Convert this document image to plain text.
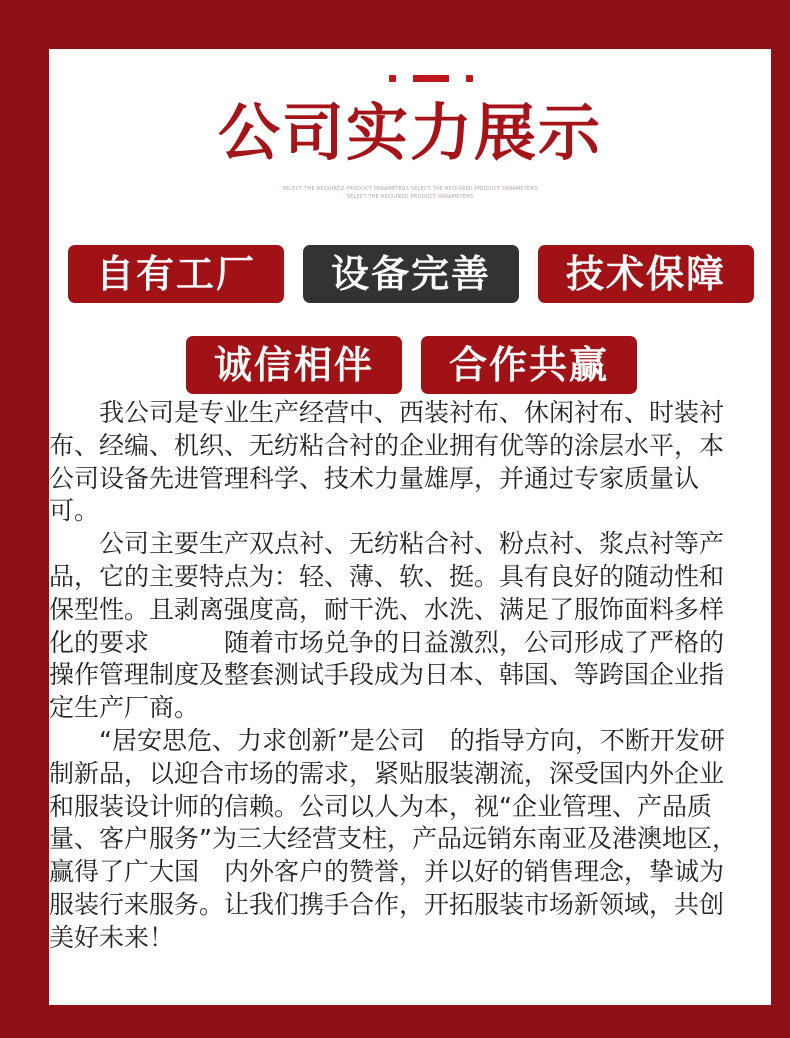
公司实力展示
SELECT THE REQUIRED PRODUCT PARAMETERS SELECT THE REQUIRED PRODUCT PARAMETERS
SELECT THE REQUIRED PRODUCT PARAMETERS
自有工厂	设备完善	技术保障
诚信相伴	合作共赢

我公司是专业生产经营中、西装衬布、休闲衬布、时装衬布、经编、机织、无纺粘合衬的企业拥有优等的涂层水平，本公司设备先进管理科学、技术力量雄厚，并通过专家质量认可。

公司主要生产双点衬、无纺粘合衬、粉点衬、浆点衬等产品，它的主要特点为：轻、薄、软、挺。具有良好的随动性和保型性。且剥离强度高，耐干洗、水洗、满足了服饰面料多样化的要求　　　随着市场兑争的日益激烈，公司形成了严格的操作管理制度及整套测试手段成为日本、韩国、等跨国企业指定生产厂商。

“居安思危、力求创新”是公司　的指导方向，不断开发研制新品，以迎合市场的需求，紧贴服装潮流，深受国内外企业和服装设计师的信赖。公司以人为本，视“企业管理、产品质量、客户服务”为三大经营支柱，产品远销东南亚及港澳地区，赢得了广大国　内外客户的赞誉，并以好的销售理念，挚诚为服装行来服务。让我们携手合作，开拓服装市场新领域，共创美好未来！
